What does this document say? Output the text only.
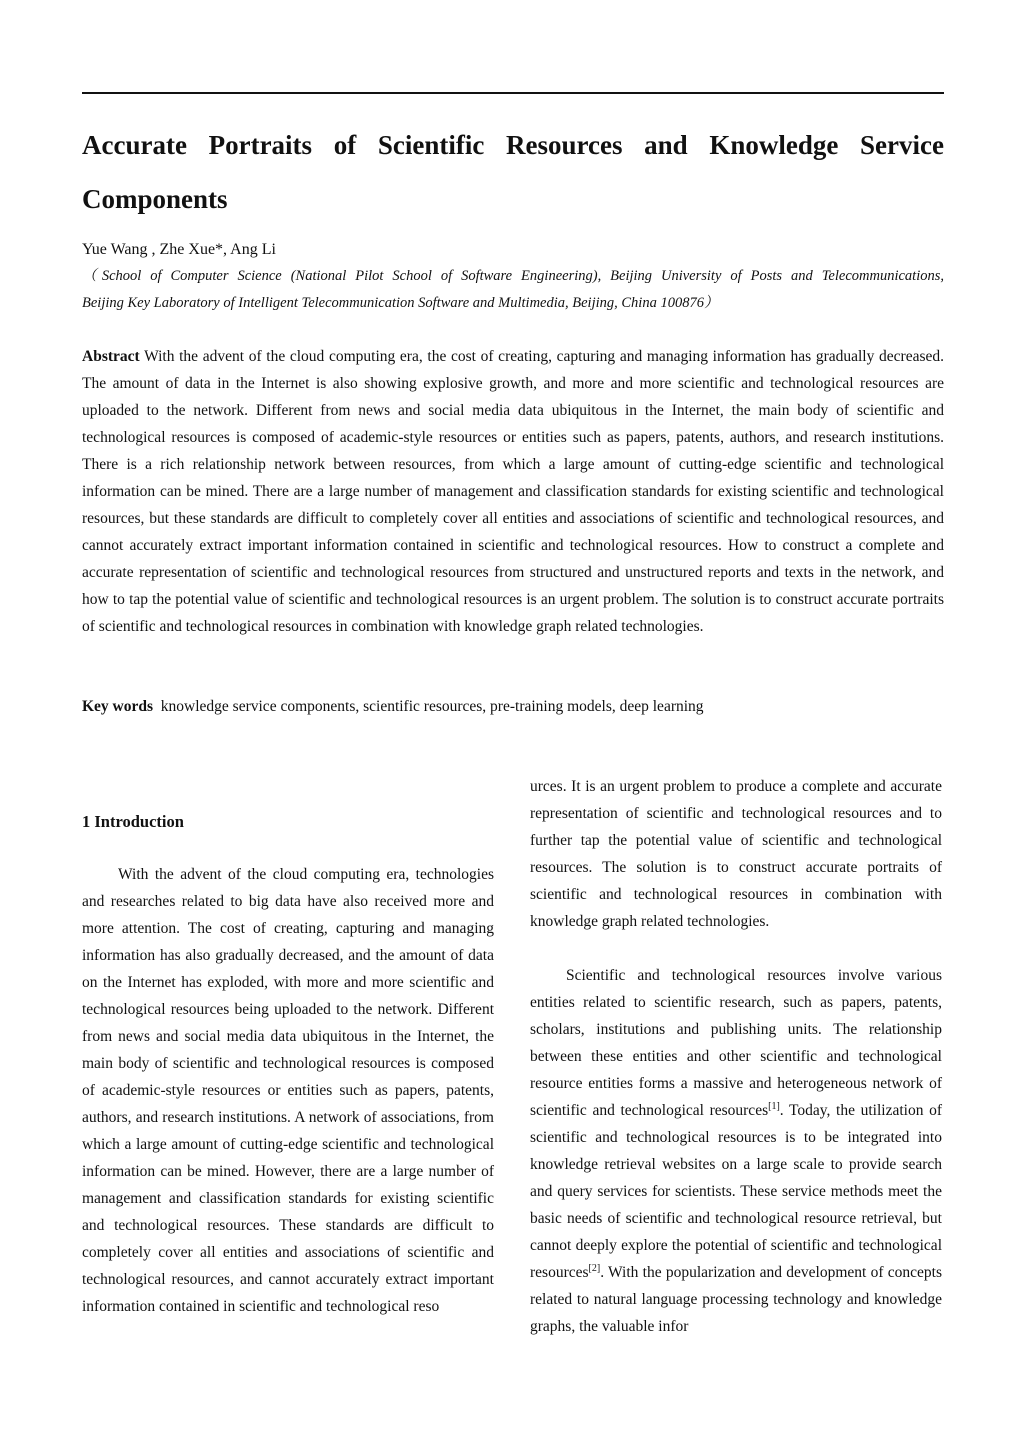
Accurate Portraits of Scientific Resources and Knowledge Service
Components
Yue Wang , Zhe Xue*, Ang Li
（School of Computer Science (National Pilot School of Software Engineering), Beijing University of Posts and Telecommunications,
Beijing Key Laboratory of Intelligent Telecommunication Software and Multimedia, Beijing, China 100876）

Abstract With the advent of the cloud computing era, the cost of creating, capturing and managing information has gradually decreased. The amount of data in the Internet is also showing explosive growth, and more and more scientific and technological resources are uploaded to the network. Different from news and social media data ubiquitous in the Internet, the main body of scientific and technological resources is composed of academic-style resources or entities such as papers, patents, authors, and research institutions. There is a rich relationship network between resources, from which a large amount of cutting-edge scientific and technological information can be mined. There are a large number of management and classification standards for existing scientific and technological resources, but these standards are difficult to completely cover all entities and associations of scientific and technological resources, and cannot accurately extract important information contained in scientific and technological resources. How to construct a complete and accurate representation of scientific and technological resources from structured and unstructured reports and texts in the network, and how to tap the potential value of scientific and technological resources is an urgent problem. The solution is to construct accurate portraits of scientific and technological resources in combination with knowledge graph related technologies.

Key words knowledge service components, scientific resources, pre-training models, deep learning

1 Introduction

With the advent of the cloud computing era, technologies and researches related to big data have also received more and more attention. The cost of creating, capturing and managing information has also gradually decreased, and the amount of data on the Internet has exploded, with more and more scientific and technological resources being uploaded to the network. Different from news and social media data ubiquitous in the Internet, the main body of scientific and technological resources is composed of academic-style resources or entities such as papers, patents, authors, and research institutions. A network of associations, from which a large amount of cutting-edge scientific and technological information can be mined. However, there are a large number of management and classification standards for existing scientific and technological resources. These standards are difficult to completely cover all entities and associations of scientific and technological resources, and cannot accurately extract important information contained in scientific and technological reso

urces. It is an urgent problem to produce a complete and accurate representation of scientific and technological resources and to further tap the potential value of scientific and technological resources. The solution is to construct accurate portraits of scientific and technological resources in combination with knowledge graph related technologies.

Scientific and technological resources involve various entities related to scientific research, such as papers, patents, scholars, institutions and publishing units. The relationship between these entities and other scientific and technological resource entities forms a massive and heterogeneous network of scientific and technological resources[1]. Today, the utilization of scientific and technological resources is to be integrated into knowledge retrieval websites on a large scale to provide search and query services for scientists. These service methods meet the basic needs of scientific and technological resource retrieval, but cannot deeply explore the potential of scientific and technological resources[2]. With the popularization and development of concepts related to natural language processing technology and knowledge graphs, the valuable infor
